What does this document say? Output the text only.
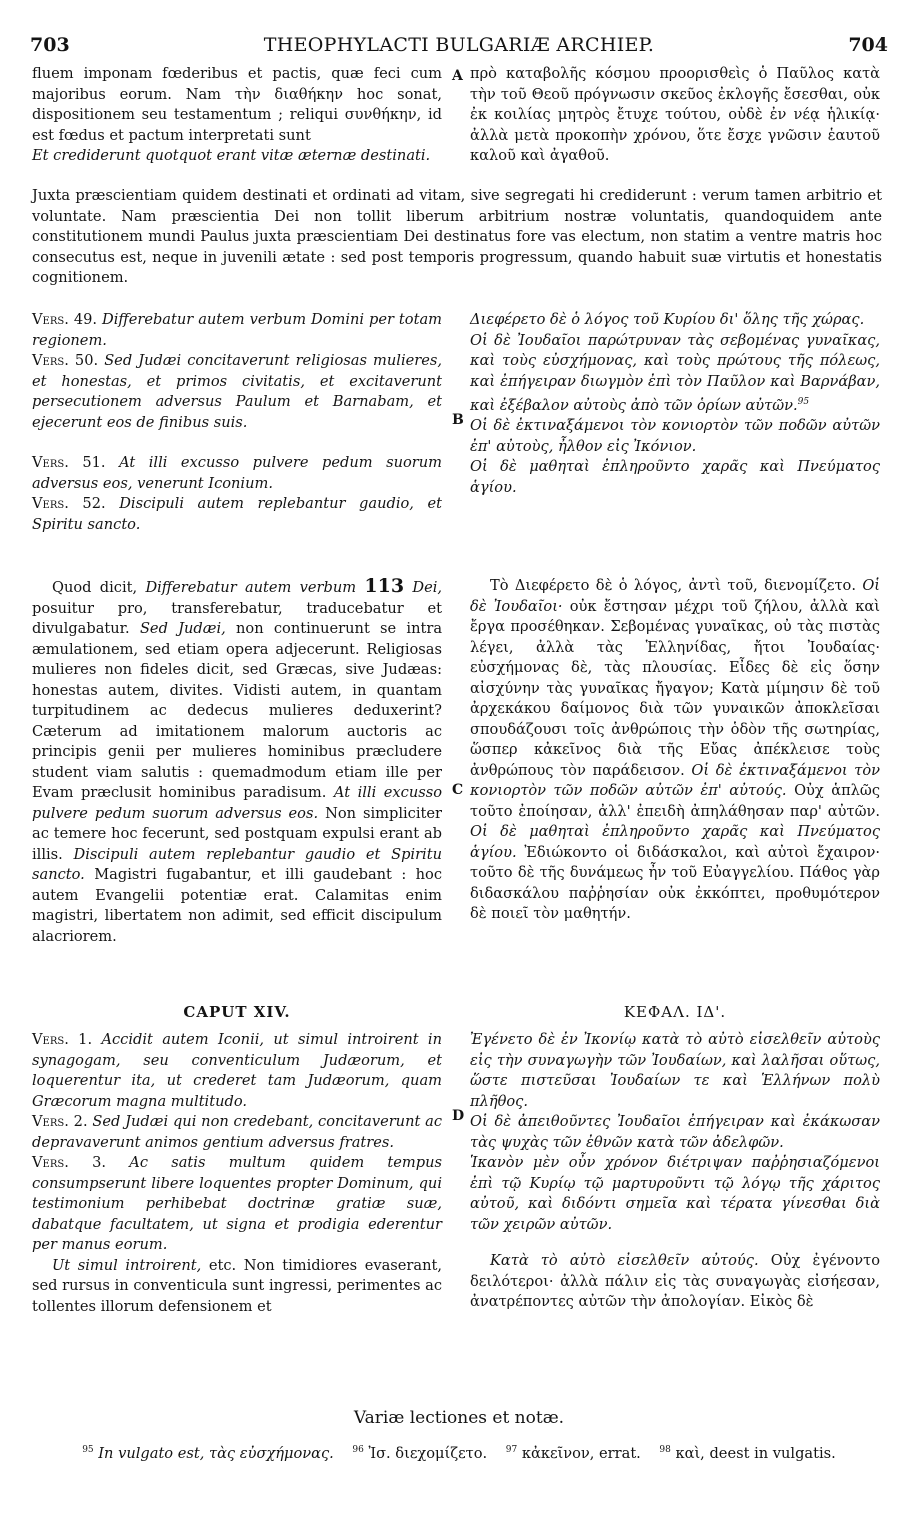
703	THEOPHYLACTI BULGARIÆ ARCHIEP.	704

fluem imponam fœderibus et pactis, quæ feci cum majoribus eorum. Nam τὴν διαθήκην hoc sonat, dispositionem seu testamentum ; reliqui συνθήκην, id est fœdus et pactum interpretati sunt

Et crediderunt quotquot erant vitæ æternæ destinati.

A πρὸ καταβολῆς κόσμου προορισθεὶς ὁ Παῦλος κατὰ τὴν τοῦ Θεοῦ πρόγνωσιν σκεῦος ἐκλογῆς ἔσεσθαι, οὐκ ἐκ κοιλίας μητρὸς ἔτυχε τούτου, οὐδὲ ἐν νέᾳ ἡλικίᾳ· ἀλλὰ μετὰ προκοπὴν χρόνου, ὅτε ἔσχε γνῶσιν ἑαυτοῦ καλοῦ καὶ ἀγαθοῦ.

Juxta præscientiam quidem destinati et ordinati ad vitam, sive segregati hi crediderunt : verum tamen arbitrio et voluntate. Nam præscientia Dei non tollit liberum arbitrium nostræ voluntatis, quandoquidem ante constitutionem mundi Paulus juxta præscientiam Dei destinatus fore vas electum, non statim a ventre matris hoc consecutus est, neque in juvenili ætate : sed post temporis progressum, quando habuit suæ virtutis et honestatis cognitionem.

Vers. 49. Differebatur autem verbum Domini per totam regionem.

Vers. 50. Sed Judæi concitaverunt religiosas mulieres, et honestas, et primos civitatis, et excitaverunt persecutionem adversus Paulum et Barnabam, et ejecerunt eos de finibus suis.

Vers. 51. At illi excusso pulvere pedum suorum adversus eos, venerunt Iconium.

Vers. 52. Discipuli autem replebantur gaudio, et Spiritu sancto.

B

Διεφέρετο δὲ ὁ λόγος τοῦ Κυρίου δι' ὅλης τῆς χώρας.

Οἱ δὲ Ἰουδαῖοι παρώτρυναν τὰς σεβομένας γυναῖκας, καὶ τοὺς εὐσχήμονας, καὶ τοὺς πρώτους τῆς πόλεως, καὶ ἐπήγειραν διωγμὸν ἐπὶ τὸν Παῦλον καὶ Βαρνάβαν, καὶ ἐξέβαλον αὐτοὺς ἀπὸ τῶν ὁρίων αὐτῶν.$^{95}$

Οἱ δὲ ἐκτιναξάμενοι τὸν κονιορτὸν τῶν ποδῶν αὐτῶν ἐπ' αὐτοὺς, ἦλθον εἰς Ἰκόνιον.

Οἱ δὲ μαθηταὶ ἐπληροῦντο χαρᾶς καὶ Πνεύματος ἁγίου.

Quod dicit, Differebatur autem verbum 113 Dei, posuitur pro, transferebatur, traducebatur et divulgabatur. Sed Judæi, non continuerunt se intra æmulationem, sed etiam opera adjecerunt. Religiosas mulieres non fideles dicit, sed Græcas, sive Judæas: honestas autem, divites. Vidisti autem, in quantam turpitudinem ac dedecus mulieres deduxerint? Cæterum ad imitationem malorum auctoris ac principis genii per mulieres hominibus præcludere student viam salutis : quemadmodum etiam ille per Evam præclusit hominibus paradisum. At illi excusso pulvere pedum suorum adversus eos. Non simpliciter ac temere hoc fecerunt, sed postquam expulsi erant ab illis. Discipuli autem replebantur gaudio et Spiritu sancto. Magistri fugabantur, et illi gaudebant : hoc autem Evangelii potentiæ erat. Calamitas enim magistri, libertatem non adimit, sed efficit discipulum alacriorem.

C

Τὸ Διεφέρετο δὲ ὁ λόγος, ἀντὶ τοῦ, διενομίζετο. Οἱ δὲ Ἰουδαῖοι· οὐκ ἔστησαν μέχρι τοῦ ζήλου, ἀλλὰ καὶ ἔργα προσέθηκαν. Σεβομένας γυναῖκας, οὐ τὰς πιστὰς λέγει, ἀλλὰ τὰς Ἑλληνίδας, ἤτοι Ἰουδαίας· εὐσχήμονας δὲ, τὰς πλουσίας. Εἶδες δὲ εἰς ὅσην αἰσχύνην τὰς γυναῖκας ἤγαγον; Κατὰ μίμησιν δὲ τοῦ ἀρχεκάκου δαίμονος διὰ τῶν γυναικῶν ἀποκλεῖσαι σπουδάζουσι τοῖς ἀνθρώποις τὴν ὁδὸν τῆς σωτηρίας, ὥσπερ κἀκεῖνος διὰ τῆς Εὔας ἀπέκλεισε τοὺς ἀνθρώπους τὸν παράδεισον. Οἱ δὲ ἐκτιναξάμενοι τὸν κονιορτὸν τῶν ποδῶν αὐτῶν ἐπ' αὐτούς. Οὐχ ἁπλῶς τοῦτο ἐποίησαν, ἀλλ' ἐπειδὴ ἀπηλάθησαν παρ' αὐτῶν. Οἱ δὲ μαθηταὶ ἐπληροῦντο χαρᾶς καὶ Πνεύματος ἁγίου. Ἐδιώκοντο οἱ διδάσκαλοι, καὶ αὐτοὶ ἔχαιρον· τοῦτο δὲ τῆς δυνάμεως ἦν τοῦ Εὐαγγελίου. Πάθος γὰρ διδασκάλου παῤῥησίαν οὐκ ἐκκόπτει, προθυμότερον δὲ ποιεῖ τὸν μαθητήν.

CAPUT XIV.	ΚΕΦΑΛ. ΙΔ'.

Vers. 1. Accidit autem Iconii, ut simul introirent in synagogam, seu conventiculum Judæorum, et loquerentur ita, ut crederet tam Judæorum, quam Græcorum magna multitudo.

Vers. 2. Sed Judæi qui non credebant, concitaverunt ac depravaverunt animos gentium adversus fratres.

Vers. 3. Ac satis multum quidem tempus consumpserunt libere loquentes propter Dominum, qui testimonium perhibebat doctrinæ gratiæ suæ, dabatque facultatem, ut signa et prodigia ederentur per manus eorum.

Ut simul introirent, etc. Non timidiores evaserant, sed rursus in conventicula sunt ingressi, perimentes ac tollentes illorum defensionem et

D

Ἐγένετο δὲ ἐν Ἰκονίῳ κατὰ τὸ αὐτὸ εἰσελθεῖν αὐτοὺς εἰς τὴν συναγωγὴν τῶν Ἰουδαίων, καὶ λαλῆσαι οὕτως, ὥστε πιστεῦσαι Ἰουδαίων τε καὶ Ἑλλήνων πολὺ πλῆθος.

Οἱ δὲ ἀπειθοῦντες Ἰουδαῖοι ἐπήγειραν καὶ ἐκάκωσαν τὰς ψυχὰς τῶν ἐθνῶν κατὰ τῶν ἀδελφῶν.

Ἱκανὸν μὲν οὖν χρόνον διέτριψαν παῤῥησιαζόμενοι ἐπὶ τῷ Κυρίῳ τῷ μαρτυροῦντι τῷ λόγῳ τῆς χάριτος αὐτοῦ, καὶ διδόντι σημεῖα καὶ τέρατα γίνεσθαι διὰ τῶν χειρῶν αὐτῶν.

Κατὰ τὸ αὐτὸ εἰσελθεῖν αὐτούς. Οὐχ ἐγένοντο δειλότεροι· ἀλλὰ πάλιν εἰς τὰς συναγωγὰς εἰσήεσαν, ἀνατρέποντες αὐτῶν τὴν ἀπολογίαν. Εἰκὸς δὲ

Variæ lectiones et notæ.
$^{95}$ In vulgato est, τὰς εὐσχήμονας. $^{96}$ Ἰσ. διεχομίζετο. $^{97}$ κἀκεῖνον, errat. $^{98}$ καὶ, deest in vulgatis.
